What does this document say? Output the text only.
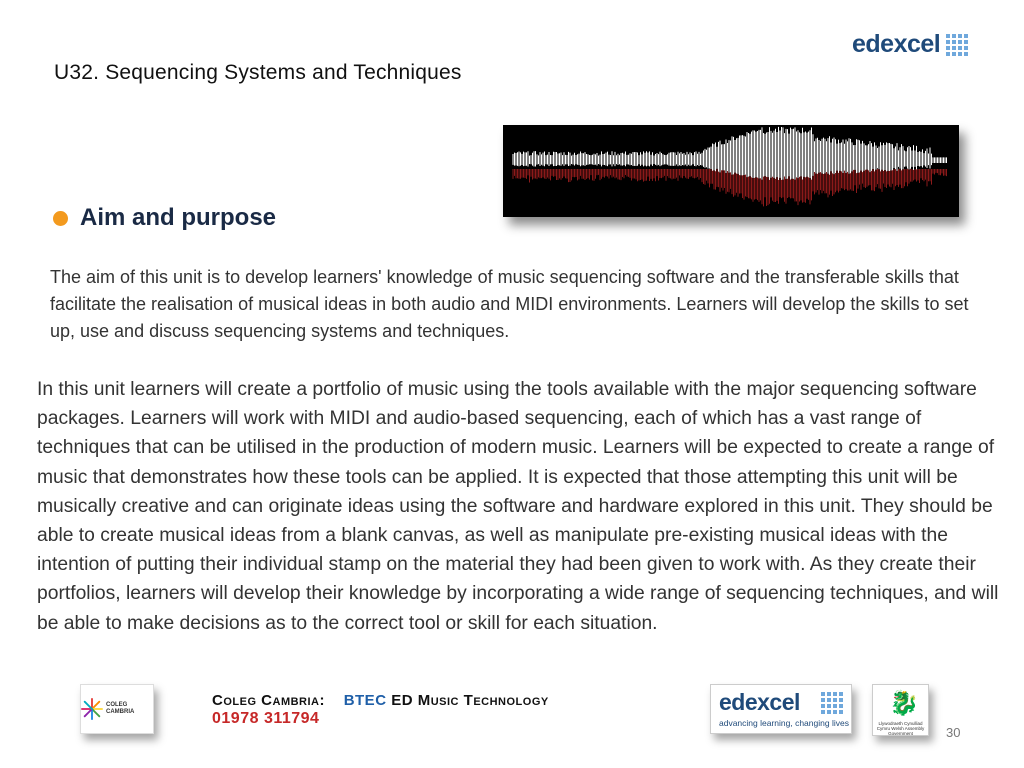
U32. Sequencing Systems and Techniques
edexcel
Aim and purpose
The aim of this unit is to develop learners' knowledge of music sequencing software and the transferable skills that facilitate the realisation of musical ideas in both audio and MIDI environments. Learners will develop the skills to set up, use and discuss sequencing systems and techniques.
In this unit learners will create a portfolio of music using the tools available with the major sequencing software packages. Learners will work with MIDI and audio-based sequencing, each of which has a vast range of techniques that can be utilised in the production of modern music. Learners will be expected to create a range of music that demonstrates how these tools can be applied. It is expected that those attempting this unit will be musically creative and can originate ideas using the software and hardware explored in this unit. They should be able to create musical ideas from a blank canvas, as well as manipulate pre-existing musical ideas with the intention of putting their individual stamp on the material they had been given to work with. As they create their portfolios, learners will develop their knowledge by incorporating a wide range of sequencing techniques, and will be able to make decisions as to the correct tool or skill for each situation.
COLEG CAMBRIA
Coleg Cambria: BTEC ED Music Technology
01978 311794
edexcel
advancing learning, changing lives
🐉
Llywodraeth Cynulliad Cymru Welsh Assembly Government	30
